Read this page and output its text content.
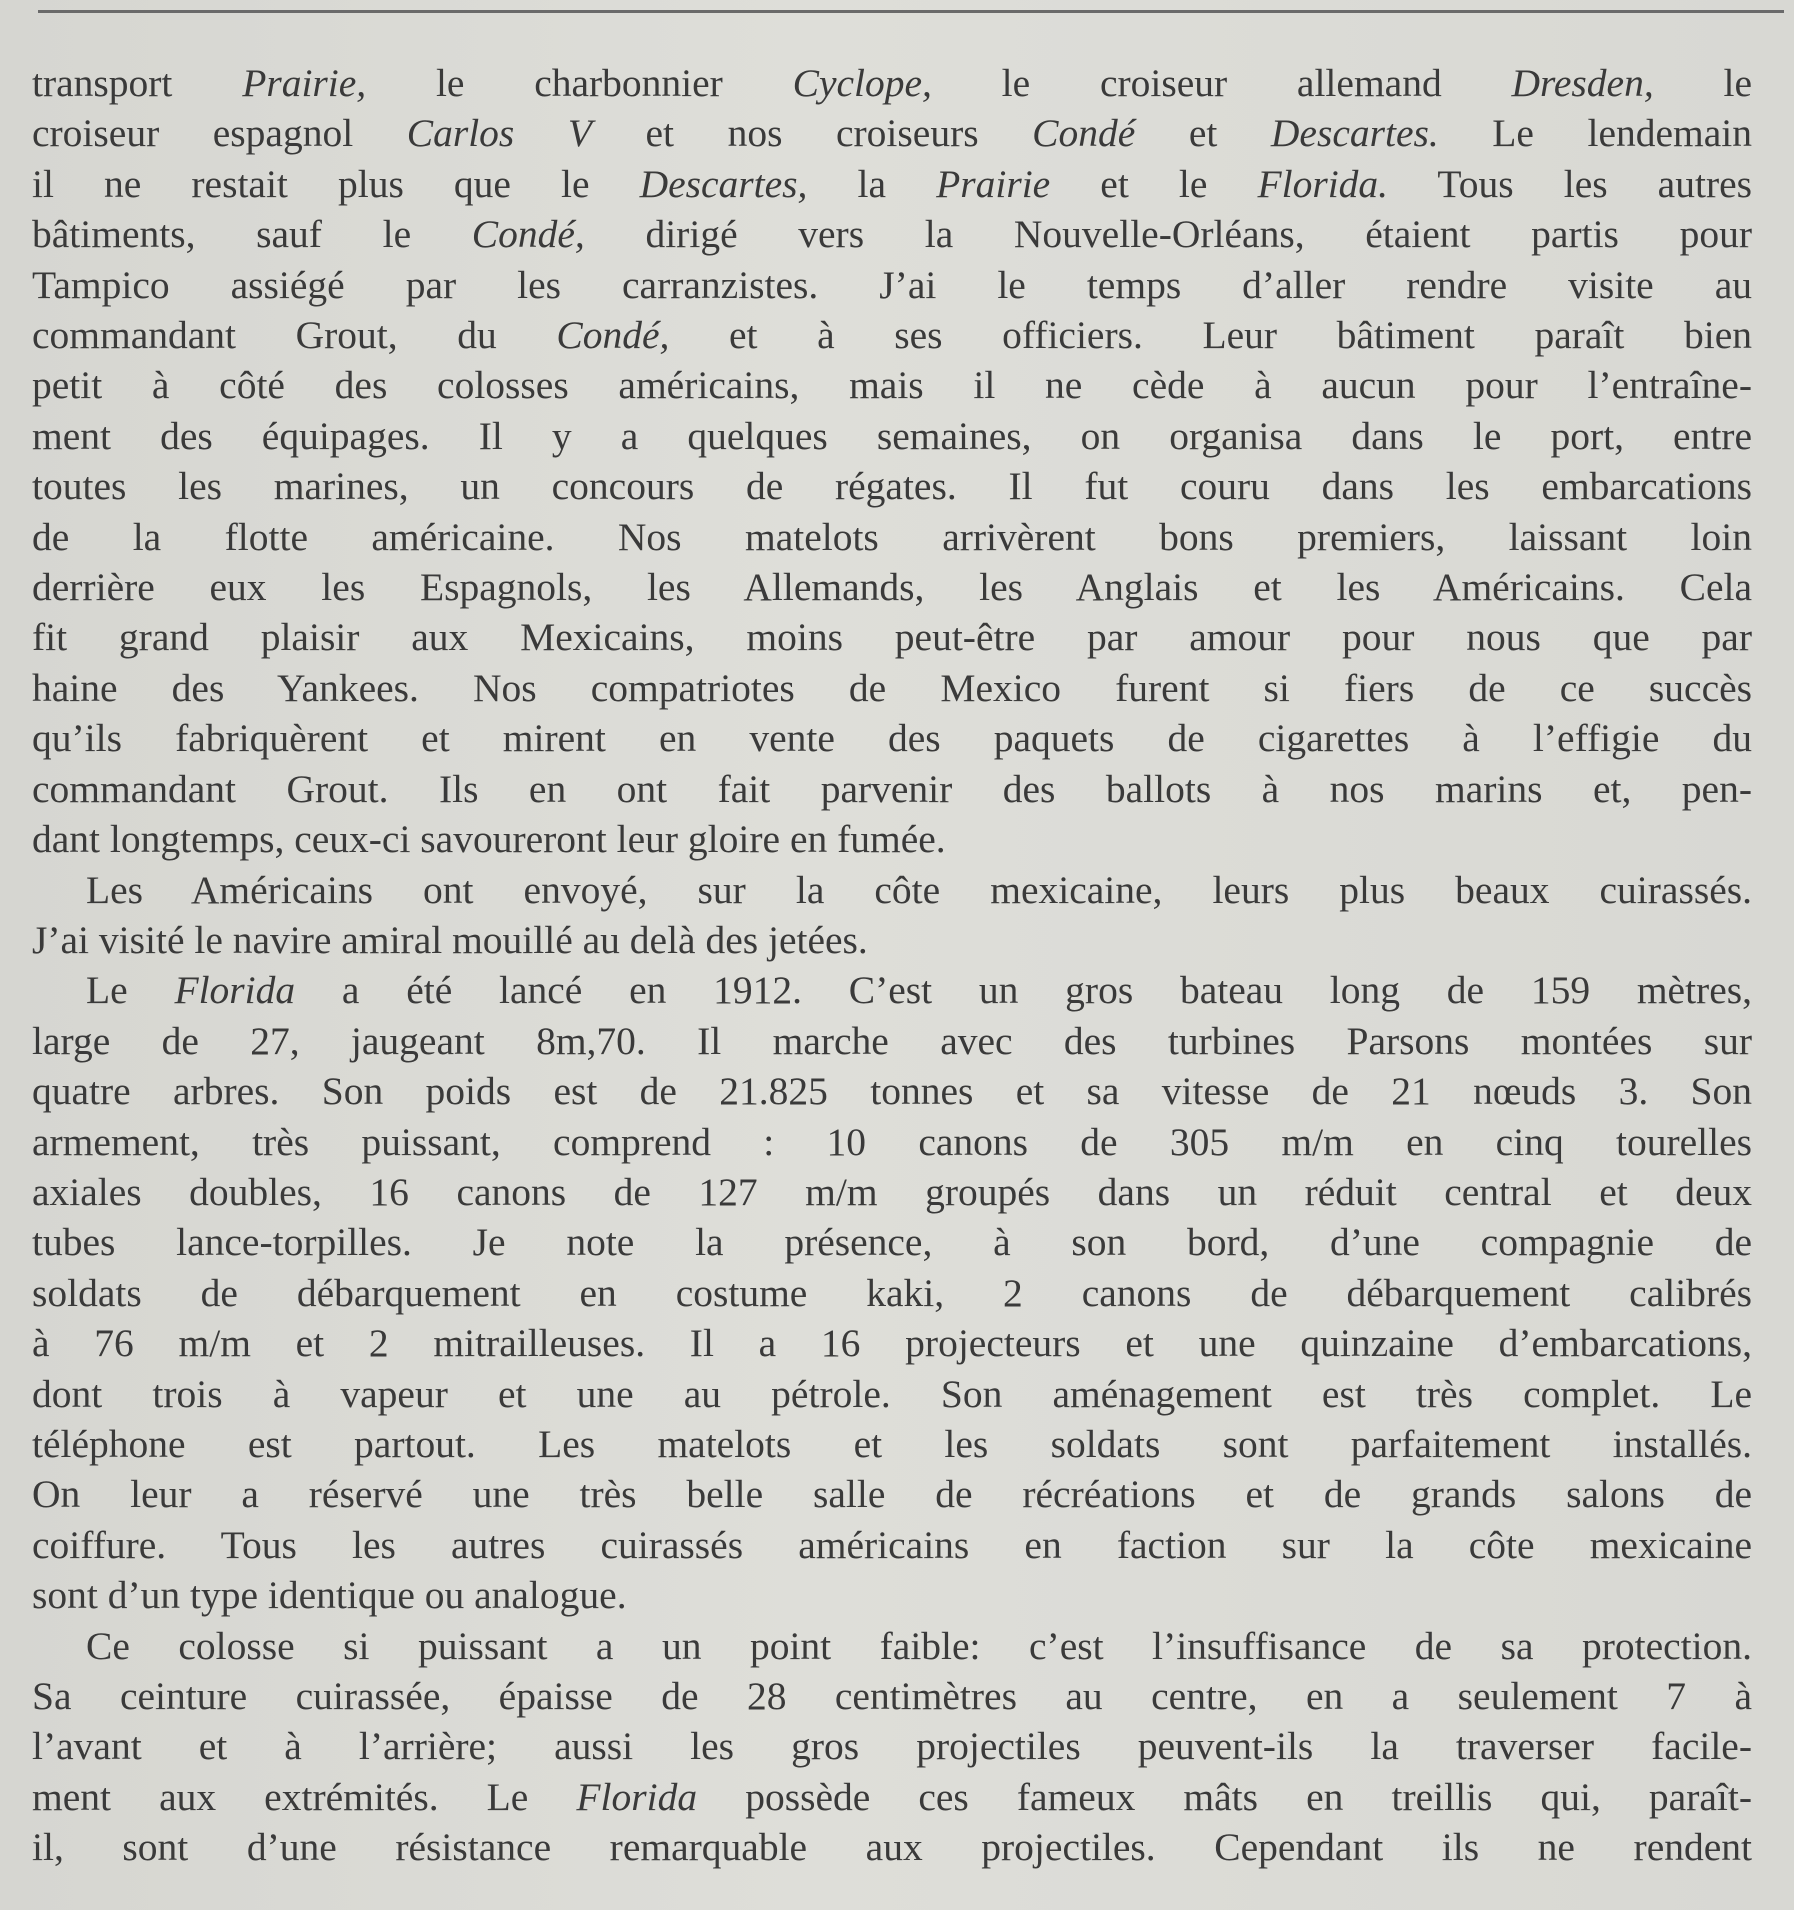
transport Prairie, le charbonnier Cyclope, le croiseur allemand Dresden, le
croiseur espagnol Carlos V et nos croiseurs Condé et Descartes. Le lendemain
il ne restait plus que le Descartes, la Prairie et le Florida. Tous les autres
bâtiments, sauf le Condé, dirigé vers la Nouvelle-Orléans, étaient partis pour
Tampico assiégé par les carranzistes. J’ai le temps d’aller rendre visite au
commandant Grout, du Condé, et à ses officiers. Leur bâtiment paraît bien
petit à côté des colosses américains, mais il ne cède à aucun pour l’entraîne-
ment des équipages. Il y a quelques semaines, on organisa dans le port, entre
toutes les marines, un concours de régates. Il fut couru dans les embarcations
de la flotte américaine. Nos matelots arrivèrent bons premiers, laissant loin
derrière eux les Espagnols, les Allemands, les Anglais et les Américains. Cela
fit grand plaisir aux Mexicains, moins peut-être par amour pour nous que par
haine des Yankees. Nos compatriotes de Mexico furent si fiers de ce succès
qu’ils fabriquèrent et mirent en vente des paquets de cigarettes à l’effigie du
commandant Grout. Ils en ont fait parvenir des ballots à nos marins et, pen-
dant longtemps, ceux-ci savoureront leur gloire en fumée.
Les Américains ont envoyé, sur la côte mexicaine, leurs plus beaux cuirassés.
J’ai visité le navire amiral mouillé au delà des jetées.
Le Florida a été lancé en 1912. C’est un gros bateau long de 159 mètres,
large de 27, jaugeant 8m,70. Il marche avec des turbines Parsons montées sur
quatre arbres. Son poids est de 21.825 tonnes et sa vitesse de 21 nœuds 3. Son
armement, très puissant, comprend : 10 canons de 305 m/m en cinq tourelles
axiales doubles, 16 canons de 127 m/m groupés dans un réduit central et deux
tubes lance-torpilles. Je note la présence, à son bord, d’une compagnie de
soldats de débarquement en costume kaki, 2 canons de débarquement calibrés
à 76 m/m et 2 mitrailleuses. Il a 16 projecteurs et une quinzaine d’embarcations,
dont trois à vapeur et une au pétrole. Son aménagement est très complet. Le
téléphone est partout. Les matelots et les soldats sont parfaitement installés.
On leur a réservé une très belle salle de récréations et de grands salons de
coiffure. Tous les autres cuirassés américains en faction sur la côte mexicaine
sont d’un type identique ou analogue.
Ce colosse si puissant a un point faible: c’est l’insuffisance de sa protection.
Sa ceinture cuirassée, épaisse de 28 centimètres au centre, en a seulement 7 à
l’avant et à l’arrière; aussi les gros projectiles peuvent-ils la traverser facile-
ment aux extrémités. Le Florida possède ces fameux mâts en treillis qui, paraît-
il, sont d’une résistance remarquable aux projectiles. Cependant ils ne rendent
